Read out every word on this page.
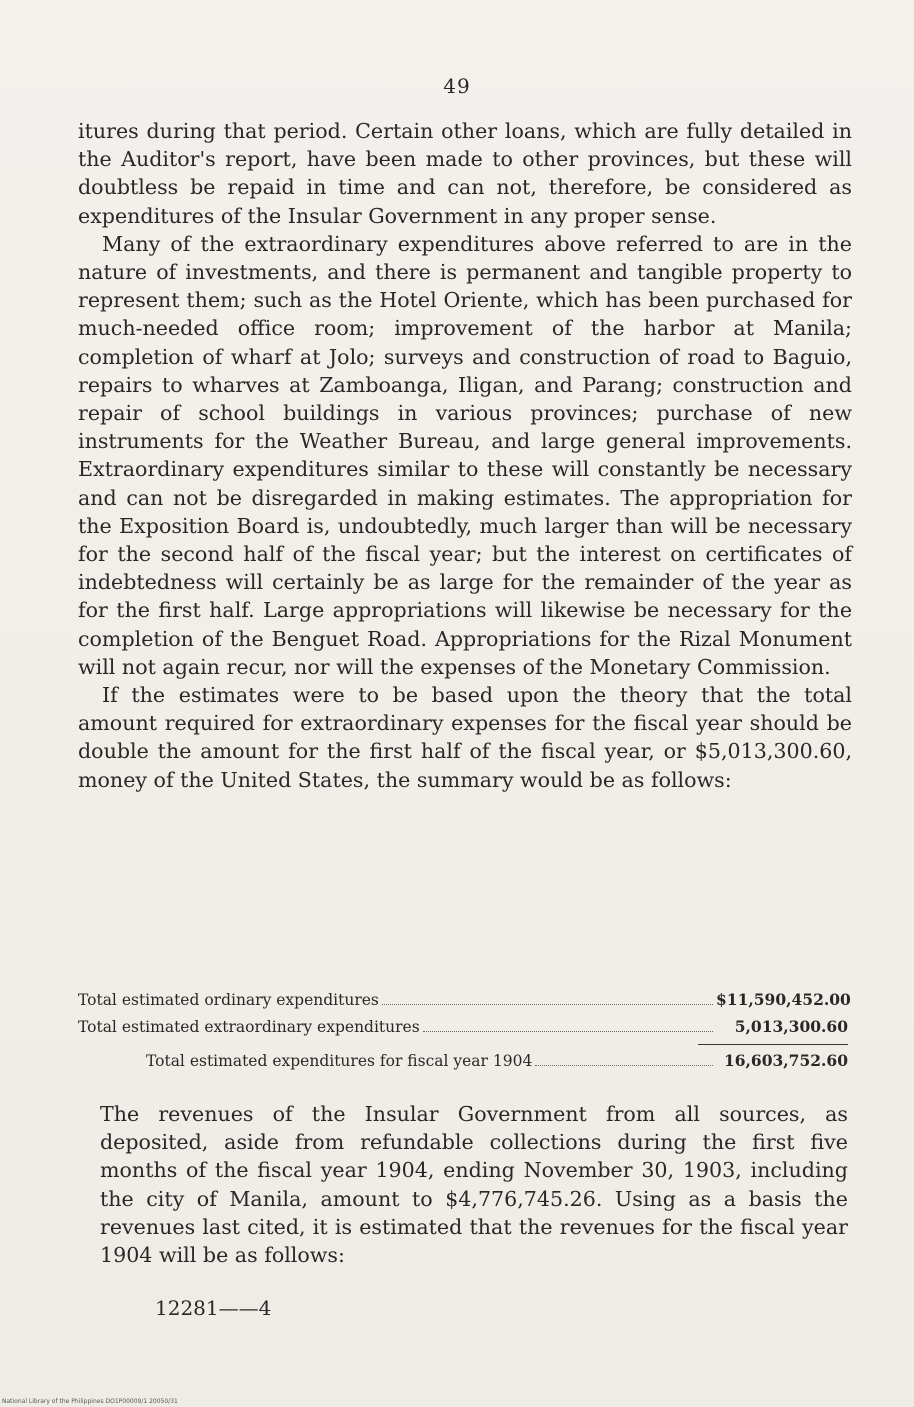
49

itures during that period. Certain other loans, which are fully detailed in the Auditor's report, have been made to other provinces, but these will doubtless be repaid in time and can not, therefore, be considered as expenditures of the Insular Government in any proper sense.

Many of the extraordinary expenditures above referred to are in the nature of investments, and there is permanent and tangible property to represent them; such as the Hotel Oriente, which has been purchased for much-needed office room; improvement of the harbor at Manila; completion of wharf at Jolo; surveys and construction of road to Baguio, repairs to wharves at Zamboanga, Iligan, and Parang; construction and repair of school buildings in various provinces; purchase of new instruments for the Weather Bureau, and large general improvements. Extraordinary expenditures similar to these will constantly be necessary and can not be disregarded in making estimates. The appropriation for the Exposition Board is, undoubtedly, much larger than will be necessary for the second half of the fiscal year; but the interest on certificates of indebtedness will certainly be as large for the remainder of the year as for the first half. Large appropriations will likewise be necessary for the completion of the Benguet Road. Appropriations for the Rizal Monument will not again recur, nor will the expenses of the Monetary Commission.

If the estimates were to be based upon the theory that the total amount required for extraordinary expenses for the fiscal year should be double the amount for the first half of the fiscal year, or $5,013,300.60, money of the United States, the summary would be as follows:

Total estimated ordinary expenditures	$11,590,452.00
Total estimated extraordinary expenditures	5,013,300.60
Total estimated expenditures for fiscal year 1904	16,603,752.60

The revenues of the Insular Government from all sources, as deposited, aside from refundable collections during the first five months of the fiscal year 1904, ending November 30, 1903, including the city of Manila, amount to $4,776,745.26. Using as a basis the revenues last cited, it is estimated that the revenues for the fiscal year 1904 will be as follows:

12281——4
National Library of the Philippines DO1P00009/1 20050/31
